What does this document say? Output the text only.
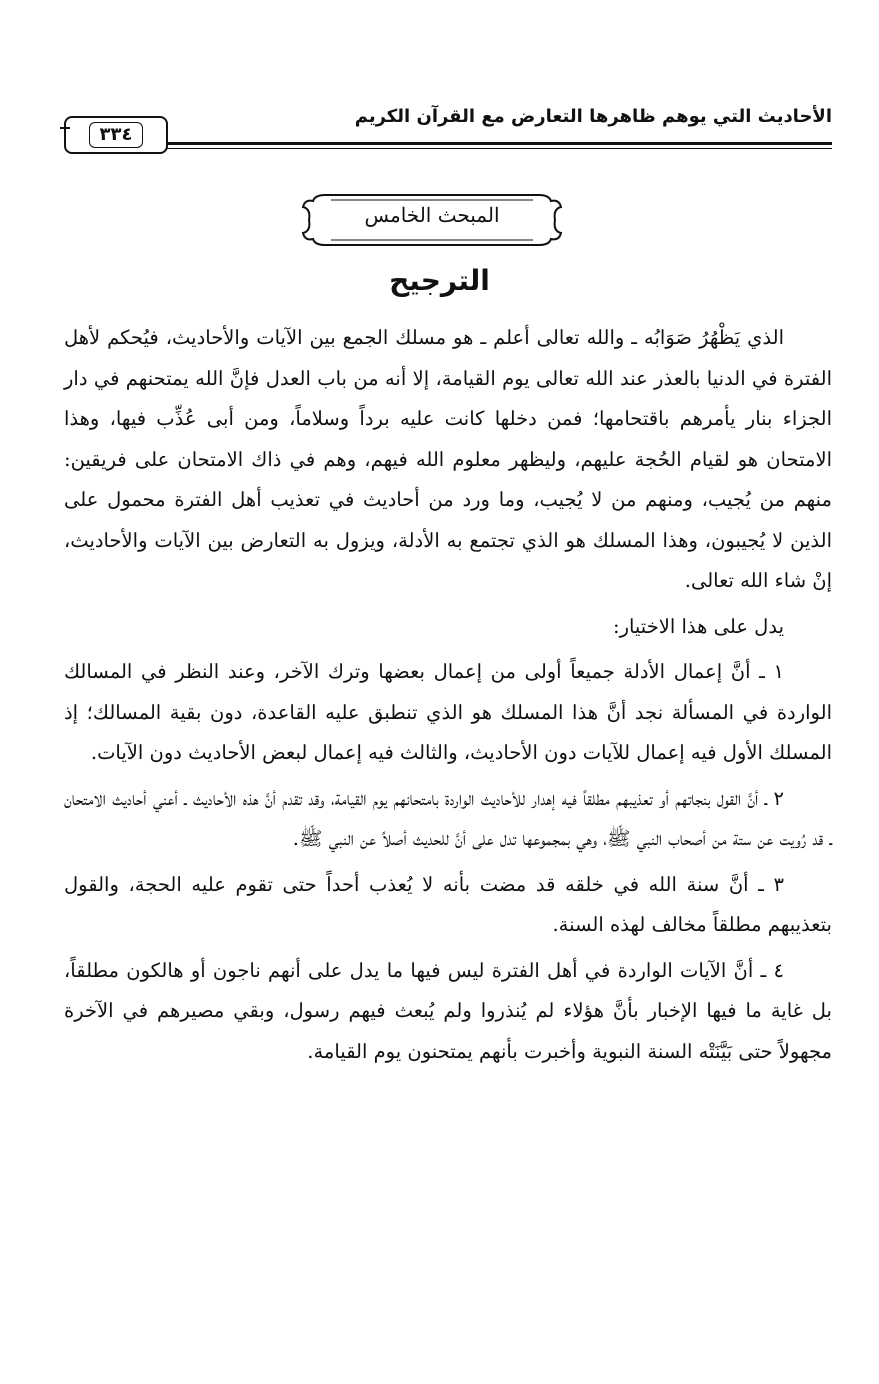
الأحاديث التي يوهم ظاهرها التعارض مع القرآن الكريم
٣٣٤
المبحث الخامس
الترجيح

الذي يَظْهُرُ صَوَابُه ـ والله تعالى أعلم ـ هو مسلك الجمع بين الآيات والأحاديث، فيُحكم لأهل الفترة في الدنيا بالعذر عند الله تعالى يوم القيامة، إلا أنه من باب العدل فإنَّ الله يمتحنهم في دار الجزاء بنار يأمرهم باقتحامها؛ فمن دخلها كانت عليه برداً وسلاماً، ومن أبى عُذِّب فيها، وهذا الامتحان هو لقيام الحُجة عليهم، وليظهر معلوم الله فيهم، وهم في ذاك الامتحان على فريقين: منهم من يُجيب، ومنهم من لا يُجيب، وما ورد من أحاديث في تعذيب أهل الفترة محمول على الذين لا يُجيبون، وهذا المسلك هو الذي تجتمع به الأدلة، ويزول به التعارض بين الآيات والأحاديث، إنْ شاء الله تعالى.

يدل على هذا الاختيار:

١ ـ أنَّ إعمال الأدلة جميعاً أولى من إعمال بعضها وترك الآخر، وعند النظر في المسالك الواردة في المسألة نجد أنَّ هذا المسلك هو الذي تنطبق عليه القاعدة، دون بقية المسالك؛ إذ المسلك الأول فيه إعمال للآيات دون الأحاديث، والثالث فيه إعمال لبعض الأحاديث دون الآيات.

٢ ـ أنَّ القول بنجاتهم أو تعذيبهم مطلقاً فيه إهدار للأحاديث الواردة بامتحانهم يوم القيامة، وقد تقدم أنَّ هذه الأحاديث ـ أعني أحاديث الامتحان ـ قد رُويت عن ستة من أصحاب النبي ﷺ، وهي بمجموعها تدل على أنَّ للحديث أصلاً عن النبي ﷺ.

٣ ـ أنَّ سنة الله في خلقه قد مضت بأنه لا يُعذب أحداً حتى تقوم عليه الحجة، والقول بتعذيبهم مطلقاً مخالف لهذه السنة.

٤ ـ أنَّ الآيات الواردة في أهل الفترة ليس فيها ما يدل على أنهم ناجون أو هالكون مطلقاً، بل غاية ما فيها الإخبار بأنَّ هؤلاء لم يُنذروا ولم يُبعث فيهم رسول، وبقي مصيرهم في الآخرة مجهولاً حتى بَيَّنَتْه السنة النبوية وأخبرت بأنهم يمتحنون يوم القيامة.
